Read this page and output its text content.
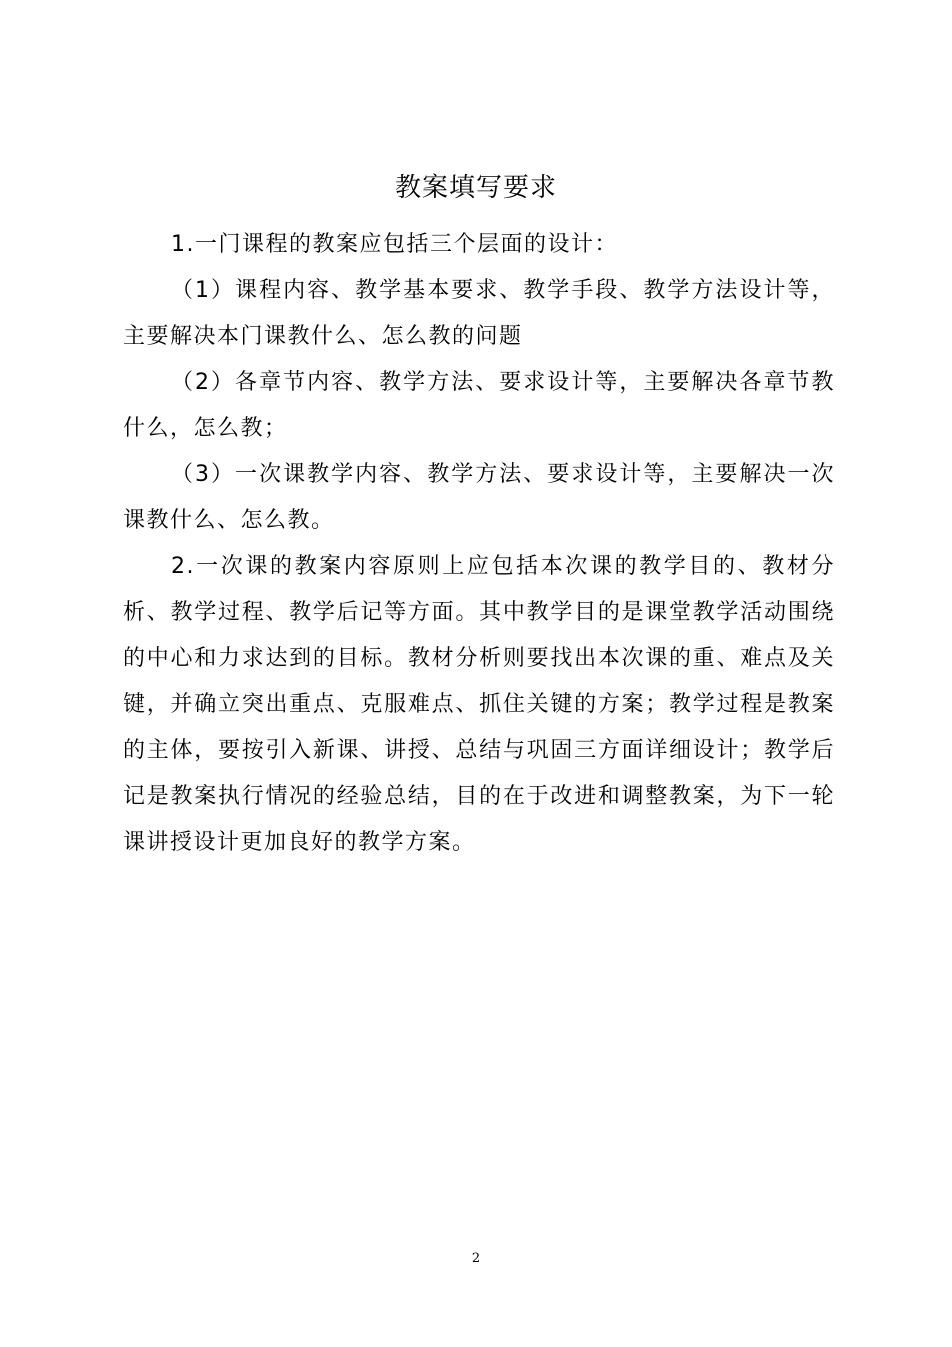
教案填写要求

1.一门课程的教案应包括三个层面的设计：

（1）课程内容、教学基本要求、教学手段、教学方法设计等，主要解决本门课教什么、怎么教的问题

（2）各章节内容、教学方法、要求设计等，主要解决各章节教什么，怎么教；

（3）一次课教学内容、教学方法、要求设计等，主要解决一次课教什么、怎么教。

2.一次课的教案内容原则上应包括本次课的教学目的、教材分析、教学过程、教学后记等方面。其中教学目的是课堂教学活动围绕的中心和力求达到的目标。教材分析则要找出本次课的重、难点及关键，并确立突出重点、克服难点、抓住关键的方案；教学过程是教案的主体，要按引入新课、讲授、总结与巩固三方面详细设计；教学后记是教案执行情况的经验总结，目的在于改进和调整教案，为下一轮课讲授设计更加良好的教学方案。

2
